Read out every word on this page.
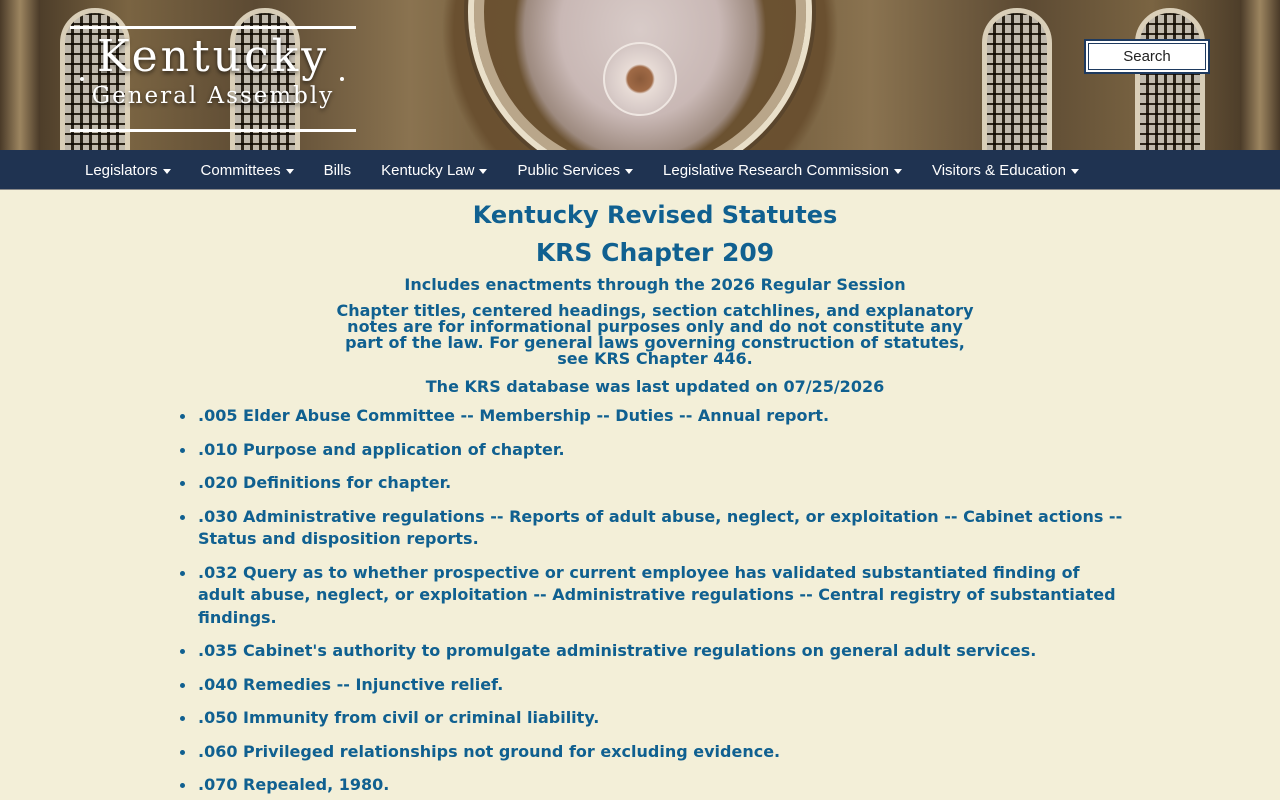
Kentucky
General Assembly
Search
Legislators	Committees	Bills Kentucky Law	Public Services	Legislative Research Commission	Visitors & Education
Kentucky Revised Statutes
KRS Chapter 209
Includes enactments through the 2026 Regular Session
Chapter titles, centered headings, section catchlines, and explanatory notes are for informational purposes only and do not constitute any part of the law. For general laws governing construction of statutes, see KRS Chapter 446.
The KRS database was last updated on 07/25/2026
.005 Elder Abuse Committee -- Membership -- Duties -- Annual report.
.010 Purpose and application of chapter.
.020 Definitions for chapter.
.030 Administrative regulations -- Reports of adult abuse, neglect, or exploitation -- Cabinet actions -- Status and disposition reports.
.032 Query as to whether prospective or current employee has validated substantiated finding of adult abuse, neglect, or exploitation -- Administrative regulations -- Central registry of substantiated findings.
.035 Cabinet's authority to promulgate administrative regulations on general adult services.
.040 Remedies -- Injunctive relief.
.050 Immunity from civil or criminal liability.
.060 Privileged relationships not ground for excluding evidence.
.070 Repealed, 1980.
